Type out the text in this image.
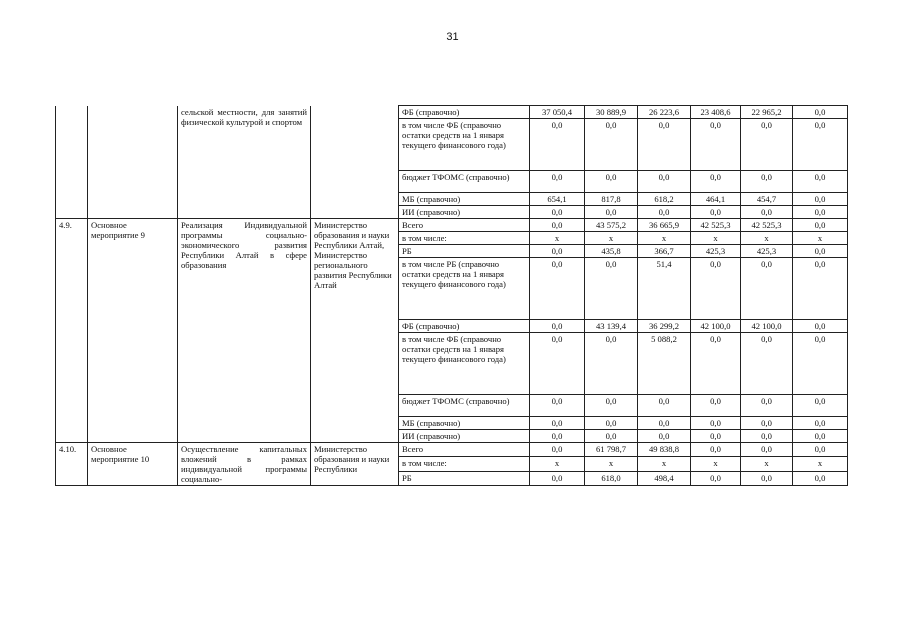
31
		сельской местности, для занятий физической культурой и спортом		ФБ (справочно)	37 050,4	30 889,9	26 223,6	23 408,6	22 965,2	0,0
				в том числе ФБ (справочно остатки средств на 1 января текущего финансового года)	0,0	0,0	0,0	0,0	0,0	0,0
				бюджет ТФОМС (справочно)	0,0	0,0	0,0	0,0	0,0	0,0
				МБ (справочно)	654,1	817,8	618,2	464,1	454,7	0,0
				ИИ (справочно)	0,0	0,0	0,0	0,0	0,0	0,0
4.9.	Основное мероприятие 9	Реализация Индивидуальной программы социально-экономического развития Республики Алтай в сфере образования	Министерство образования и науки Республики Алтай, Министерство регионального развития Республики Алтай	Всего	0,0	43 575,2	36 665,9	42 525,3	42 525,3	0,0
				в том числе:	x	x	x	x	x	x
				РБ	0,0	435,8	366,7	425,3	425,3	0,0
				в том числе РБ (справочно остатки средств на 1 января текущего финансового года)	0,0	0,0	51,4	0,0	0,0	0,0
				ФБ (справочно)	0,0	43 139,4	36 299,2	42 100,0	42 100,0	0,0
				в том числе ФБ (справочно остатки средств на 1 января текущего финансового года)	0,0	0,0	5 088,2	0,0	0,0	0,0
				бюджет ТФОМС (справочно)	0,0	0,0	0,0	0,0	0,0	0,0
				МБ (справочно)	0,0	0,0	0,0	0,0	0,0	0,0
				ИИ (справочно)	0,0	0,0	0,0	0,0	0,0	0,0
4.10.	Основное мероприятие 10	Осуществление капитальных вложений в рамках индивидуальной программы социально-	Министерство образования и науки Республики	Всего	0,0	61 798,7	49 838,8	0,0	0,0	0,0
				в том числе:	x	x	x	x	x	x
				РБ	0,0	618,0	498,4	0,0	0,0	0,0
